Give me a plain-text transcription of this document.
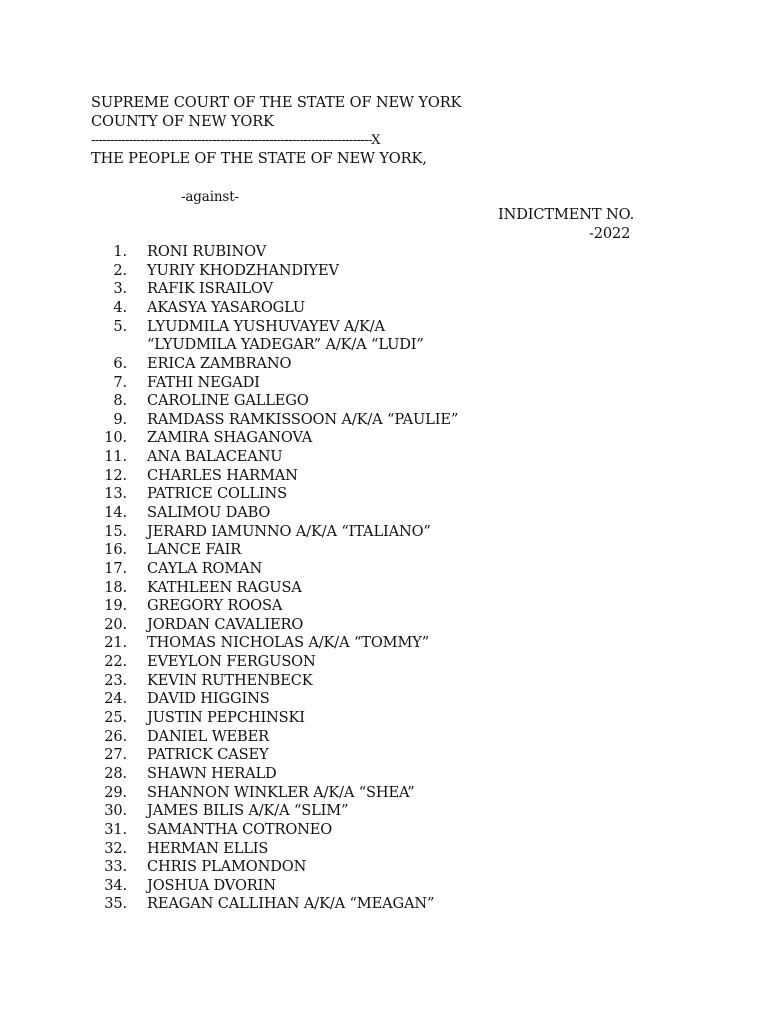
SUPREME COURT OF THE STATE OF NEW YORK
COUNTY OF NEW YORK
--------------------------------------------------------------------------X
THE PEOPLE OF THE STATE OF NEW YORK,
-against-
INDICTMENT NO.
-2022
1. RONI RUBINOV
2. YURIY KHODZHANDIYEV
3. RAFIK ISRAILOV
4. AKASYA YASAROGLU
5. LYUDMILA YUSHUVAYEV A/K/A
“LYUDMILA YADEGAR” A/K/A “LUDI”
6. ERICA ZAMBRANO
7. FATHI NEGADI
8. CAROLINE GALLEGO
9. RAMDASS RAMKISSOON A/K/A “PAULIE”
10. ZAMIRA SHAGANOVA
11. ANA BALACEANU
12. CHARLES HARMAN
13. PATRICE COLLINS
14. SALIMOU DABO
15. JERARD IAMUNNO A/K/A “ITALIANO”
16. LANCE FAIR
17. CAYLA ROMAN
18. KATHLEEN RAGUSA
19. GREGORY ROOSA
20. JORDAN CAVALIERO
21. THOMAS NICHOLAS A/K/A “TOMMY”
22. EVEYLON FERGUSON
23. KEVIN RUTHENBECK
24. DAVID HIGGINS
25. JUSTIN PEPCHINSKI
26. DANIEL WEBER
27. PATRICK CASEY
28. SHAWN HERALD
29. SHANNON WINKLER A/K/A “SHEA”
30. JAMES BILIS A/K/A “SLIM”
31. SAMANTHA COTRONEO
32. HERMAN ELLIS
33. CHRIS PLAMONDON
34. JOSHUA DVORIN
35. REAGAN CALLIHAN A/K/A “MEAGAN”
